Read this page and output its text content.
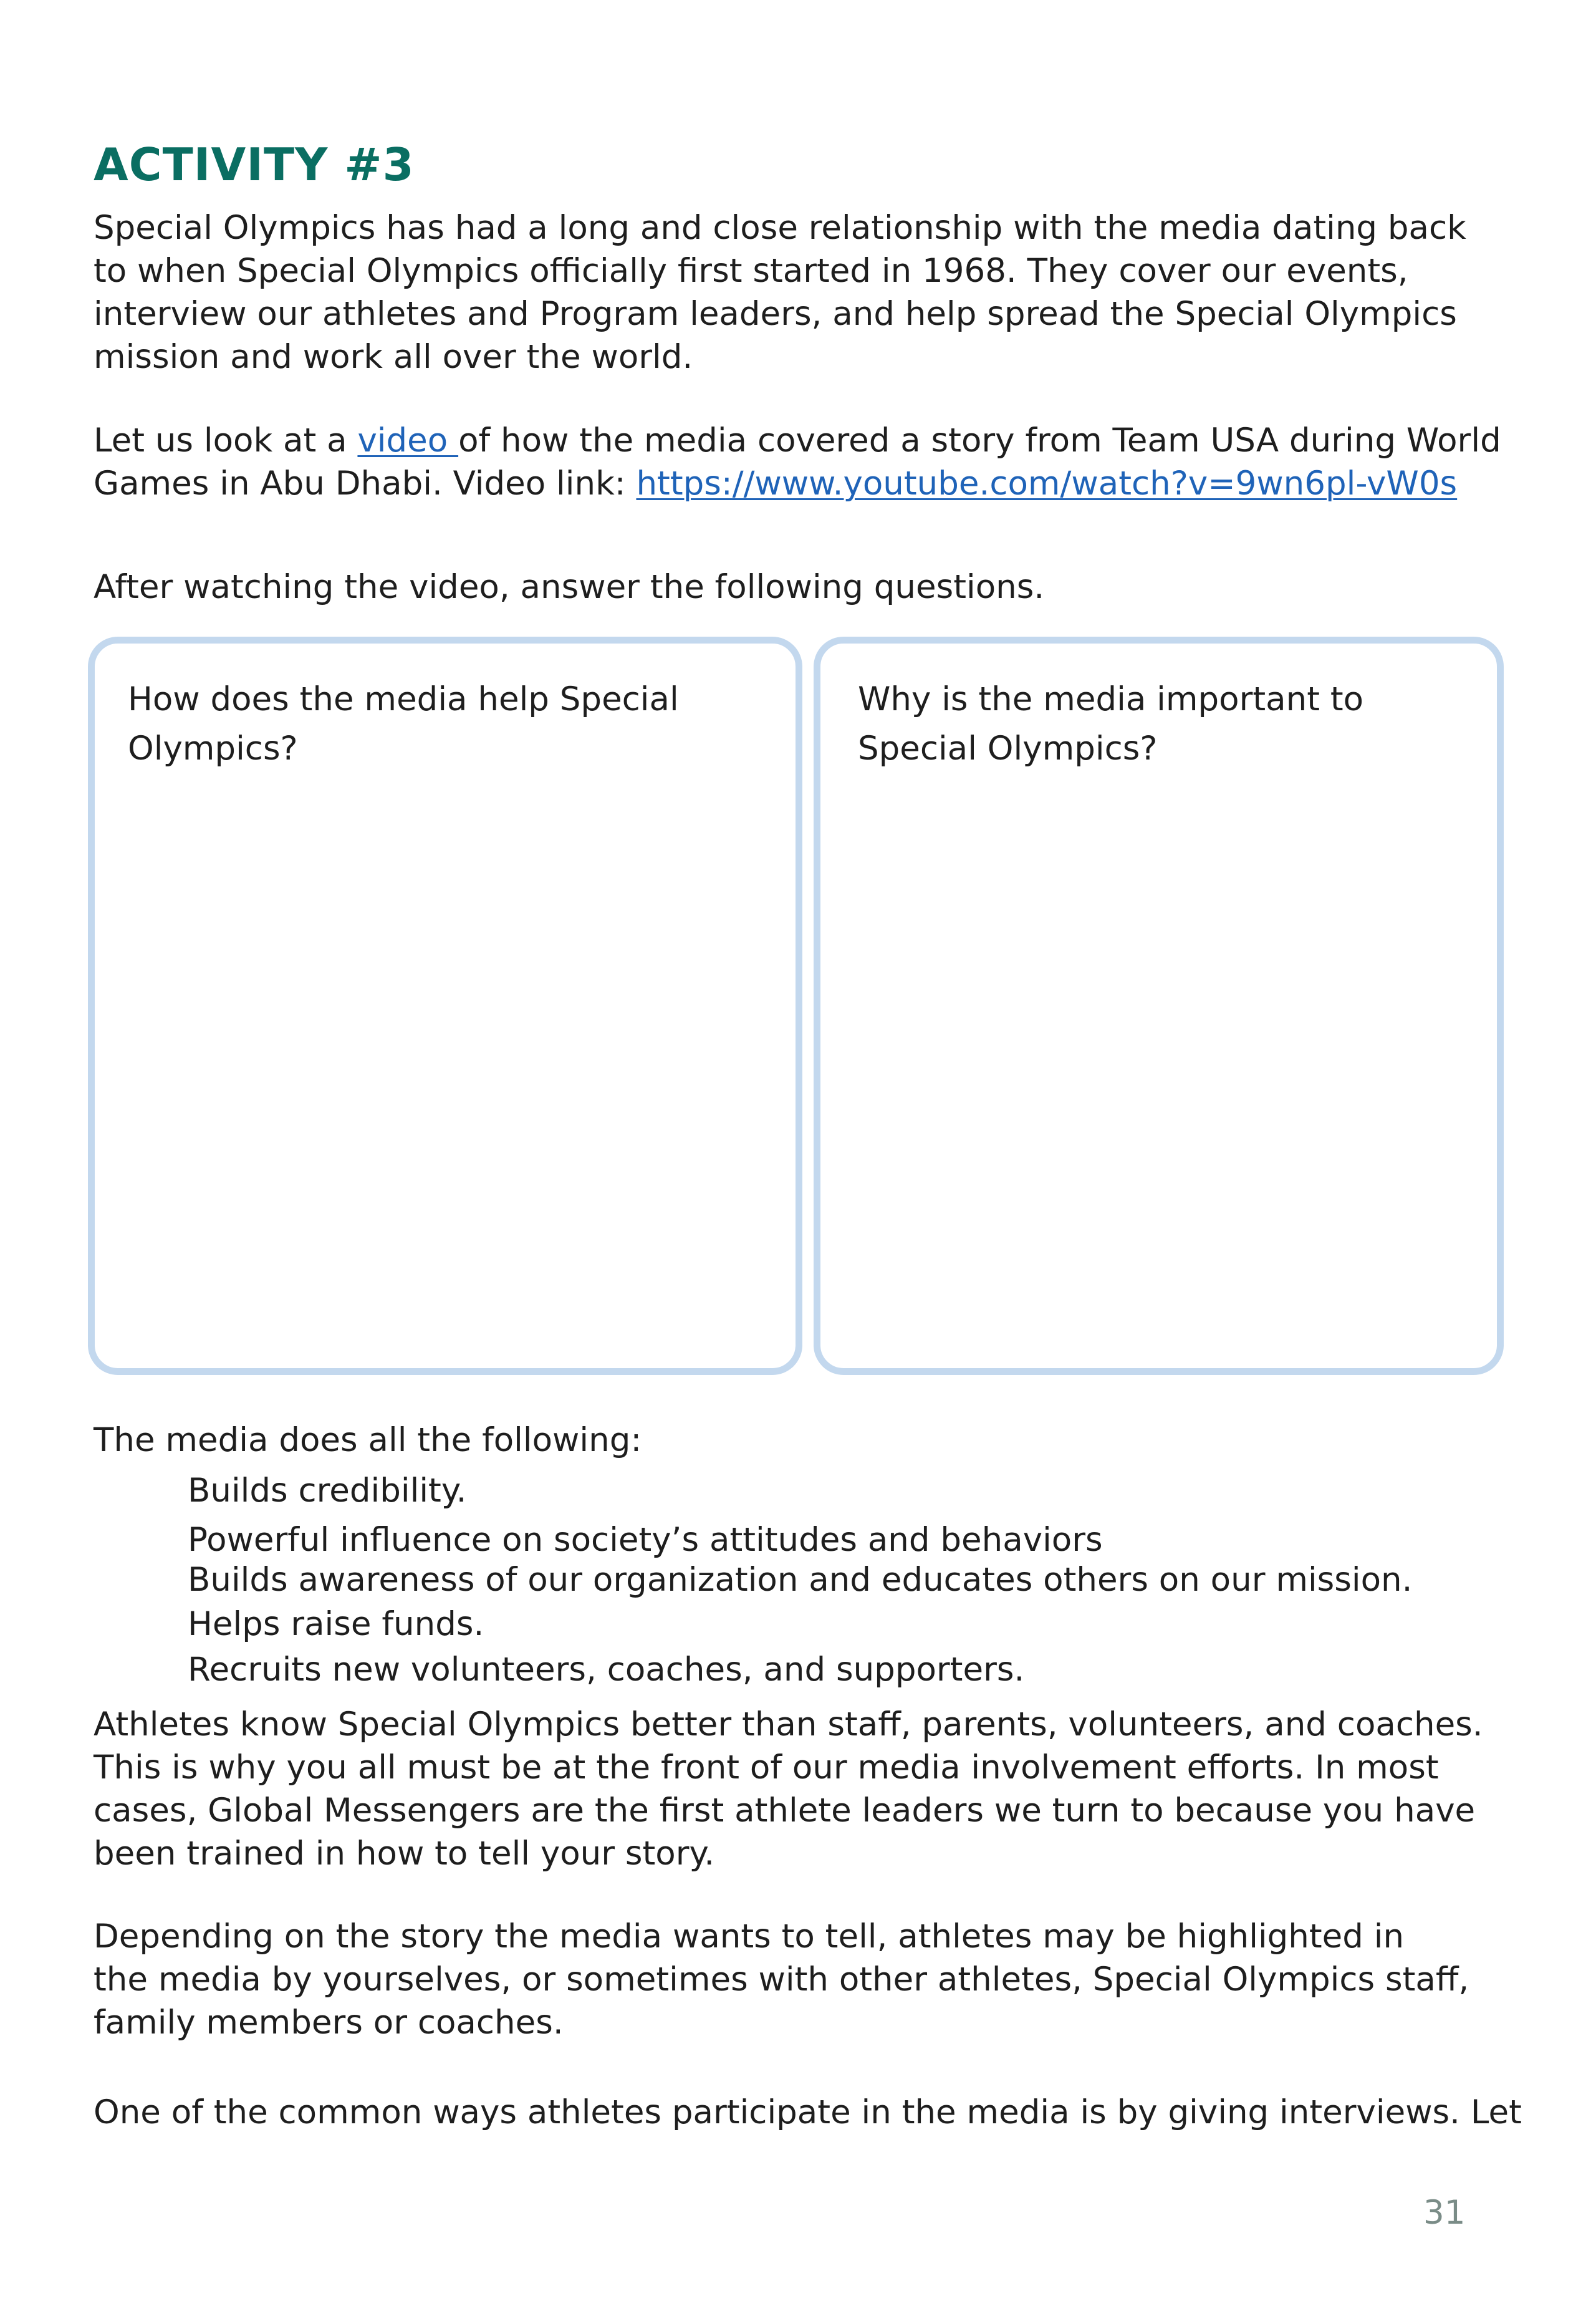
ACTIVITY #3
Special Olympics has had a long and close relationship with the media dating back
to when Special Olympics officially first started in 1968. They cover our events,
interview our athletes and Program leaders, and help spread the Special Olympics
mission and work all over the world.
Let us look at a video of how the media covered a story from Team USA during World
Games in Abu Dhabi. Video link: https://www.youtube.com/watch?v=9wn6pl-vW0s
After watching the video, answer the following questions.
How does the media help Special
Olympics?
Why is the media important to
Special Olympics?
The media does all the following:
Builds credibility.
Powerful influence on society’s attitudes and behaviors
Builds awareness of our organization and educates others on our mission.
Helps raise funds.
Recruits new volunteers, coaches, and supporters.
Athletes know Special Olympics better than staff, parents, volunteers, and coaches.
This is why you all must be at the front of our media involvement efforts. In most
cases, Global Messengers are the first athlete leaders we turn to because you have
been trained in how to tell your story.
Depending on the story the media wants to tell, athletes may be highlighted in
the media by yourselves, or sometimes with other athletes, Special Olympics staff,
family members or coaches.
One of the common ways athletes participate in the media is by giving interviews. Let
31
